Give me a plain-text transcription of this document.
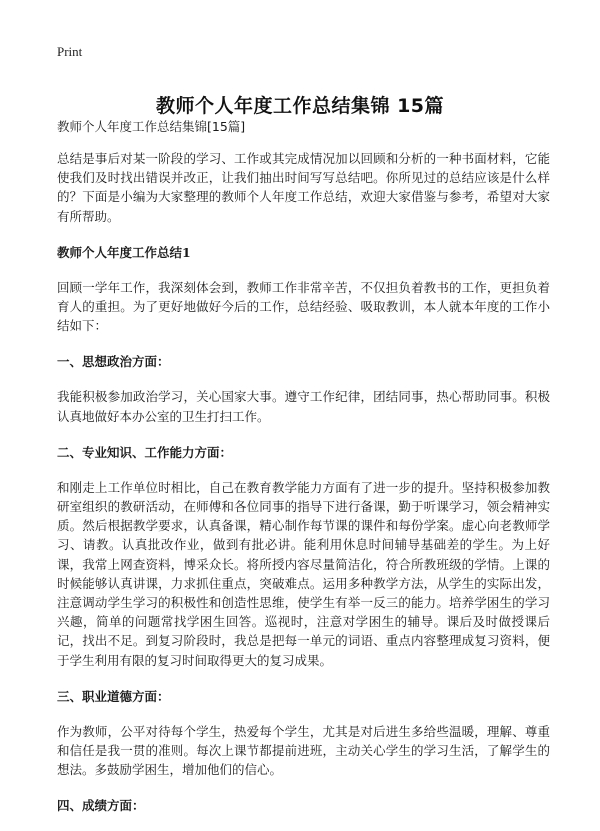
Print
教师个人年度工作总结集锦 15篇
教师个人年度工作总结集锦[15篇]

总结是事后对某一阶段的学习、工作或其完成情况加以回顾和分析的一种书面材料，它能使我们及时找出错误并改正，让我们抽出时间写写总结吧。你所见过的总结应该是什么样的？下面是小编为大家整理的教师个人年度工作总结，欢迎大家借鉴与参考，希望对大家有所帮助。

教师个人年度工作总结1

回顾一学年工作，我深刻体会到，教师工作非常辛苦，不仅担负着教书的工作，更担负着育人的重担。为了更好地做好今后的工作，总结经验、吸取教训，本人就本年度的工作小结如下：

一、思想政治方面：

我能积极参加政治学习，关心国家大事。遵守工作纪律，团结同事，热心帮助同事。积极认真地做好本办公室的卫生打扫工作。

二、专业知识、工作能力方面：

和刚走上工作单位时相比，自己在教育教学能力方面有了进一步的提升。坚持积极参加教研室组织的教研活动，在师傅和各位同事的指导下进行备课，勤于听课学习，领会精神实质。然后根据教学要求，认真备课，精心制作每节课的课件和每份学案。虚心向老教师学习、请教。认真批改作业，做到有批必讲。能利用休息时间辅导基础差的学生。为上好课，我常上网查资料，博采众长。将所授内容尽量简洁化，符合所教班级的学情。上课的时候能够认真讲课，力求抓住重点，突破难点。运用多种教学方法，从学生的实际出发，注意调动学生学习的积极性和创造性思维，使学生有举一反三的能力。培养学困生的学习兴趣，简单的问题常找学困生回答。巡视时，注意对学困生的辅导。课后及时做授课后记，找出不足。到复习阶段时，我总是把每一单元的词语、重点内容整理成复习资料，便于学生利用有限的复习时间取得更大的复习成果。

三、职业道德方面：

作为教师，公平对待每个学生，热爱每个学生，尤其是对后进生多给些温暖，理解、尊重和信任是我一贯的准则。每次上课节都提前进班，主动关心学生的学习生活，了解学生的想法。多鼓励学困生，增加他们的信心。

四、成绩方面：
